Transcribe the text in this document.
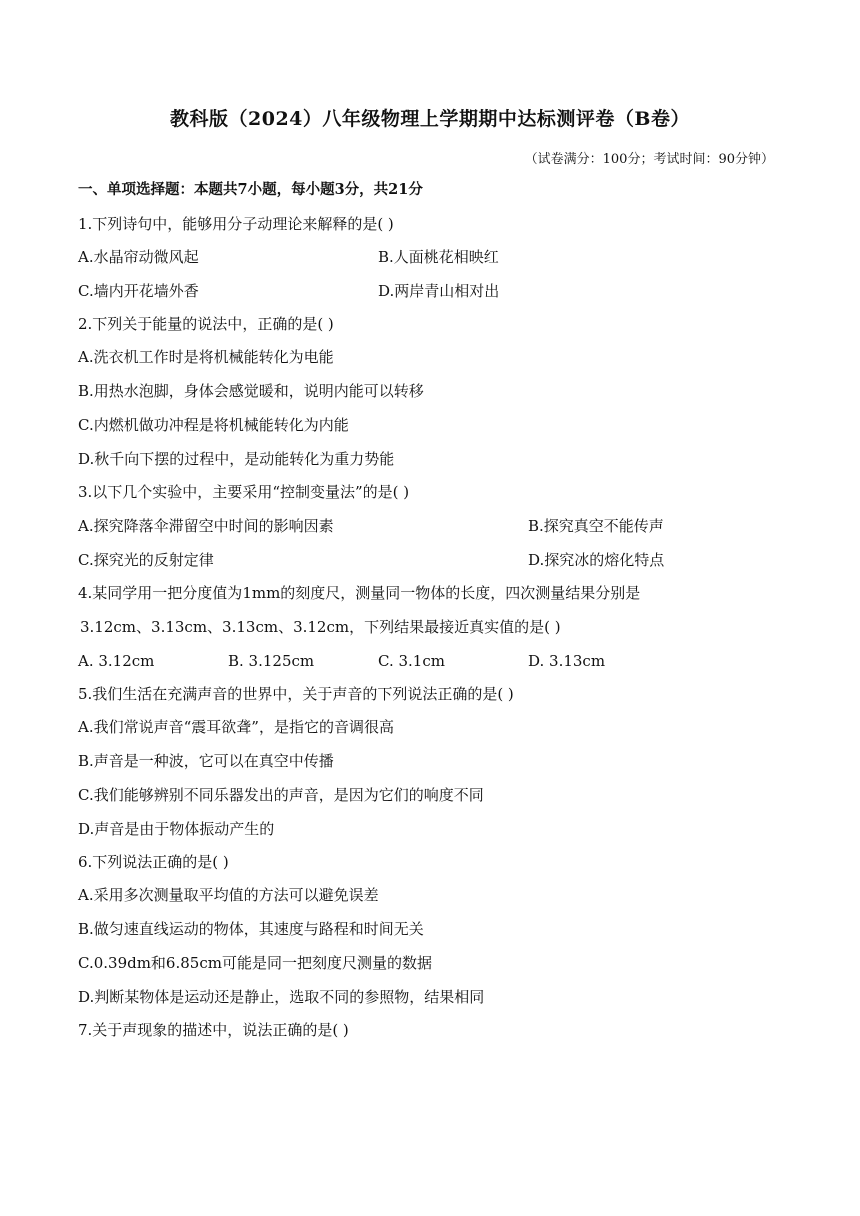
教科版（2024）八年级物理上学期期中达标测评卷（B卷）
（试卷满分：100分；考试时间：90分钟）
一、单项选择题：本题共7小题，每小题3分，共21分
1.下列诗句中，能够用分子动理论来解释的是( )
A.水晶帘动微风起	B.人面桃花相映红
C.墙内开花墙外香	D.两岸青山相对出
2.下列关于能量的说法中，正确的是( )
A.洗衣机工作时是将机械能转化为电能
B.用热水泡脚，身体会感觉暖和，说明内能可以转移
C.内燃机做功冲程是将机械能转化为内能
D.秋千向下摆的过程中，是动能转化为重力势能
3.以下几个实验中，主要采用“控制变量法”的是( )
A.探究降落伞滞留空中时间的影响因素	B.探究真空不能传声
C.探究光的反射定律	D.探究冰的熔化特点
4.某同学用一把分度值为1mm的刻度尺，测量同一物体的长度，四次测量结果分别是
3.12cm、3.13cm、3.13cm、3.12cm，下列结果最接近真实值的是( )
A. 3.12cm	B. 3.125cm	C. 3.1cm	D. 3.13cm
5.我们生活在充满声音的世界中，关于声音的下列说法正确的是( )
A.我们常说声音“震耳欲聋”，是指它的音调很高
B.声音是一种波，它可以在真空中传播
C.我们能够辨别不同乐器发出的声音，是因为它们的响度不同
D.声音是由于物体振动产生的
6.下列说法正确的是( )
A.采用多次测量取平均值的方法可以避免误差
B.做匀速直线运动的物体，其速度与路程和时间无关
C.0.39dm和6.85cm可能是同一把刻度尺测量的数据
D.判断某物体是运动还是静止，选取不同的参照物，结果相同
7.关于声现象的描述中，说法正确的是( )
